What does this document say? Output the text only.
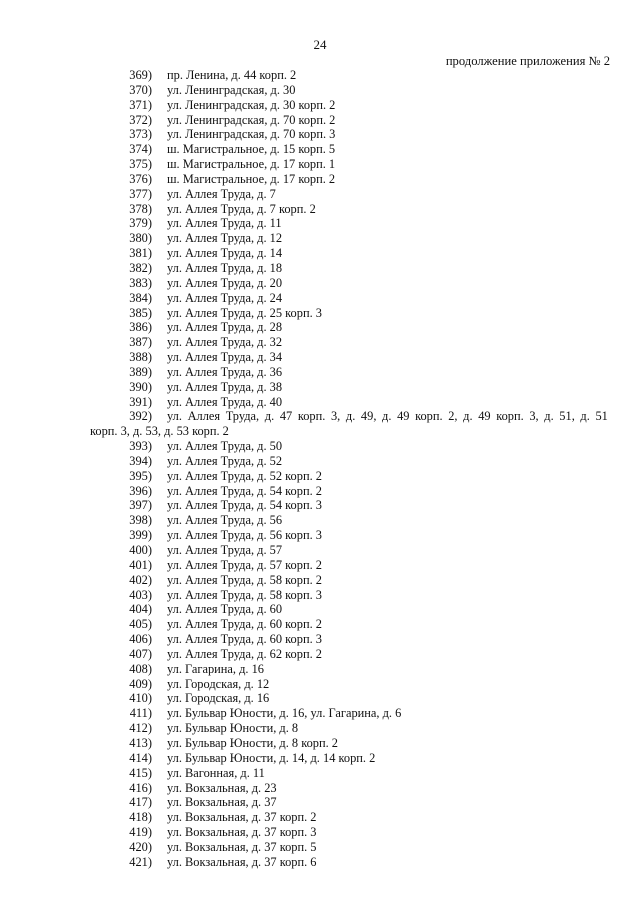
24
продолжение приложения № 2
369) пр. Ленина, д. 44 корп. 2
370) ул. Ленинградская, д. 30
371) ул. Ленинградская, д. 30 корп. 2
372) ул. Ленинградская, д. 70 корп. 2
373) ул. Ленинградская, д. 70 корп. 3
374) ш. Магистральное, д. 15 корп. 5
375) ш. Магистральное, д. 17 корп. 1
376) ш. Магистральное, д. 17 корп. 2
377) ул. Аллея Труда, д. 7
378) ул. Аллея Труда, д. 7 корп. 2
379) ул. Аллея Труда, д. 11
380) ул. Аллея Труда, д. 12
381) ул. Аллея Труда, д. 14
382) ул. Аллея Труда, д. 18
383) ул. Аллея Труда, д. 20
384) ул. Аллея Труда, д. 24
385) ул. Аллея Труда, д. 25 корп. 3
386) ул. Аллея Труда, д. 28
387) ул. Аллея Труда, д. 32
388) ул. Аллея Труда, д. 34
389) ул. Аллея Труда, д. 36
390) ул. Аллея Труда, д. 38
391) ул. Аллея Труда, д. 40
392) ул. Аллея Труда, д. 47 корп. 3, д. 49, д. 49 корп. 2, д. 49 корп. 3, д. 51, д. 51
корп. 3, д. 53, д. 53 корп. 2
393) ул. Аллея Труда, д. 50
394) ул. Аллея Труда, д. 52
395) ул. Аллея Труда, д. 52 корп. 2
396) ул. Аллея Труда, д. 54 корп. 2
397) ул. Аллея Труда, д. 54 корп. 3
398) ул. Аллея Труда, д. 56
399) ул. Аллея Труда, д. 56 корп. 3
400) ул. Аллея Труда, д. 57
401) ул. Аллея Труда, д. 57 корп. 2
402) ул. Аллея Труда, д. 58 корп. 2
403) ул. Аллея Труда, д. 58 корп. 3
404) ул. Аллея Труда, д. 60
405) ул. Аллея Труда, д. 60 корп. 2
406) ул. Аллея Труда, д. 60 корп. 3
407) ул. Аллея Труда, д. 62 корп. 2
408) ул. Гагарина, д. 16
409) ул. Городская, д. 12
410) ул. Городская, д. 16
411) ул. Бульвар Юности, д. 16, ул. Гагарина, д. 6
412) ул. Бульвар Юности, д. 8
413) ул. Бульвар Юности, д. 8 корп. 2
414) ул. Бульвар Юности, д. 14, д. 14 корп. 2
415) ул. Вагонная, д. 11
416) ул. Вокзальная, д. 23
417) ул. Вокзальная, д. 37
418) ул. Вокзальная, д. 37 корп. 2
419) ул. Вокзальная, д. 37 корп. 3
420) ул. Вокзальная, д. 37 корп. 5
421) ул. Вокзальная, д. 37 корп. 6
